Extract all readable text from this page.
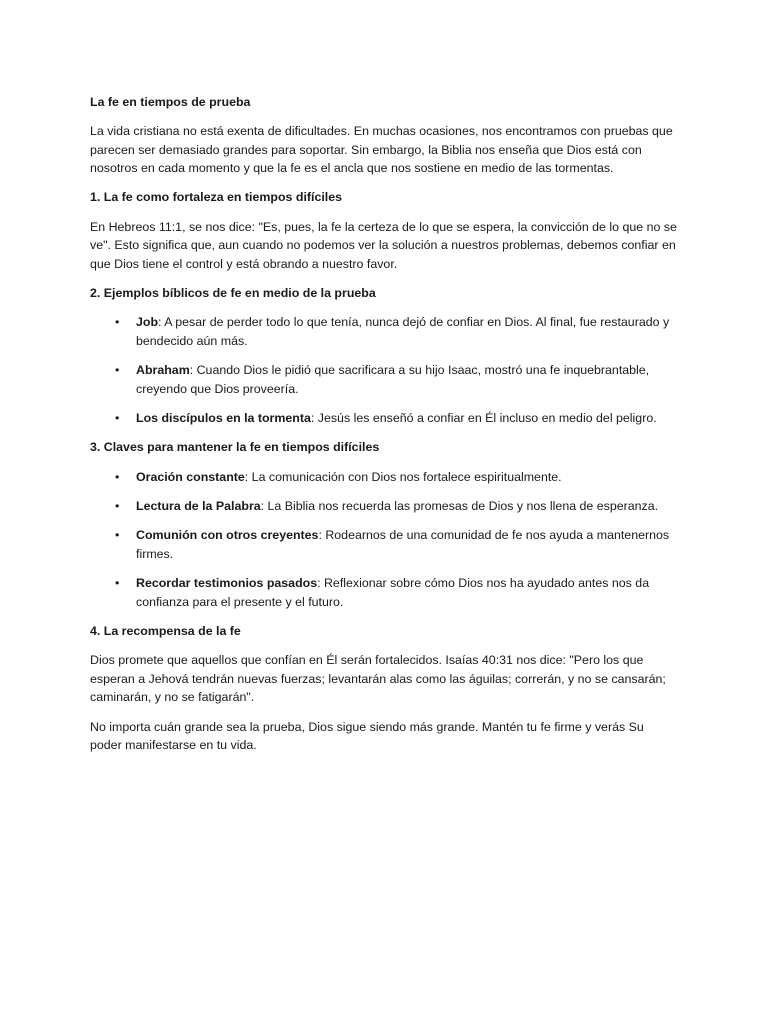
La fe en tiempos de prueba

La vida cristiana no está exenta de dificultades. En muchas ocasiones, nos encontramos con pruebas que parecen ser demasiado grandes para soportar. Sin embargo, la Biblia nos enseña que Dios está con nosotros en cada momento y que la fe es el ancla que nos sostiene en medio de las tormentas.

1. La fe como fortaleza en tiempos difíciles

En Hebreos 11:1, se nos dice: "Es, pues, la fe la certeza de lo que se espera, la convicción de lo que no se ve". Esto significa que, aun cuando no podemos ver la solución a nuestros problemas, debemos confiar en que Dios tiene el control y está obrando a nuestro favor.

2. Ejemplos bíblicos de fe en medio de la prueba
• Job: A pesar de perder todo lo que tenía, nunca dejó de confiar en Dios. Al final, fue restaurado y bendecido aún más.
• Abraham: Cuando Dios le pidió que sacrificara a su hijo Isaac, mostró una fe inquebrantable, creyendo que Dios proveería.
• Los discípulos en la tormenta: Jesús les enseñó a confiar en Él incluso en medio del peligro.
3. Claves para mantener la fe en tiempos difíciles
• Oración constante: La comunicación con Dios nos fortalece espiritualmente.
• Lectura de la Palabra: La Biblia nos recuerda las promesas de Dios y nos llena de esperanza.
• Comunión con otros creyentes: Rodearnos de una comunidad de fe nos ayuda a mantenernos firmes.
• Recordar testimonios pasados: Reflexionar sobre cómo Dios nos ha ayudado antes nos da confianza para el presente y el futuro.
4. La recompensa de la fe

Dios promete que aquellos que confían en Él serán fortalecidos. Isaías 40:31 nos dice: "Pero los que esperan a Jehová tendrán nuevas fuerzas; levantarán alas como las águilas; correrán, y no se cansarán; caminarán, y no se fatigarán".

No importa cuán grande sea la prueba, Dios sigue siendo más grande. Mantén tu fe firme y verás Su poder manifestarse en tu vida.
